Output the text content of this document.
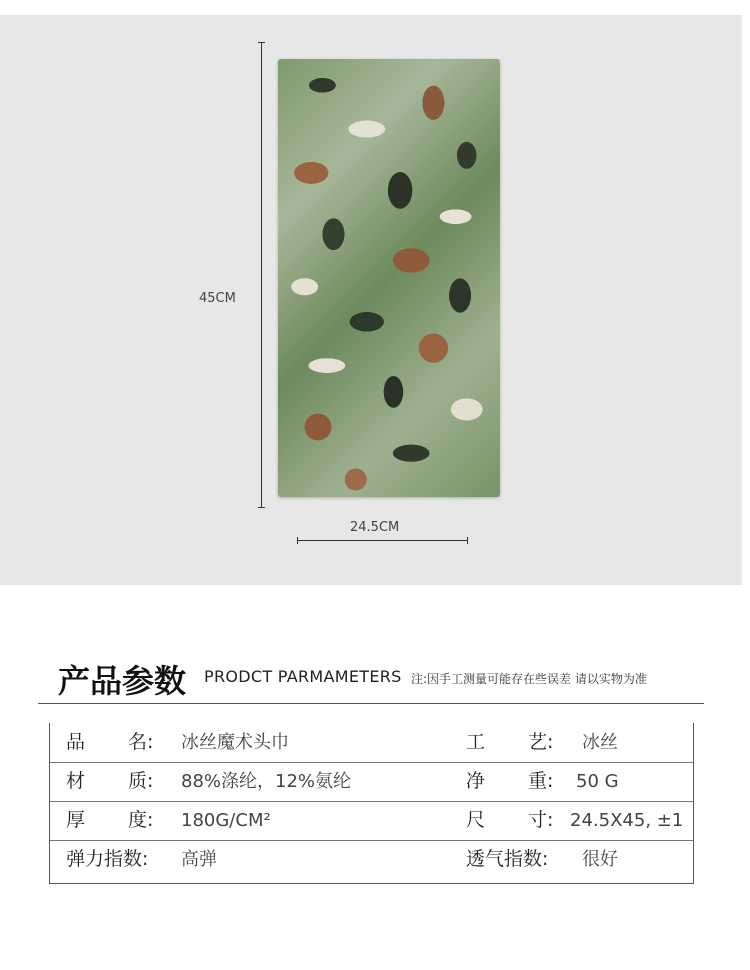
45CM
24.5CM
产品参数 PRODCT PARMAMETERS 注:因手工测量可能存在些误差 请以实物为准
品 名: 冰丝魔术头巾	工 艺: 冰丝
材 质: 88%涤纶，12%氨纶	净 重: 50 G
厚 度: 180G/CM²	尺 寸: 24.5X45, ±1
弹力指数: 高弹	透气指数: 很好
